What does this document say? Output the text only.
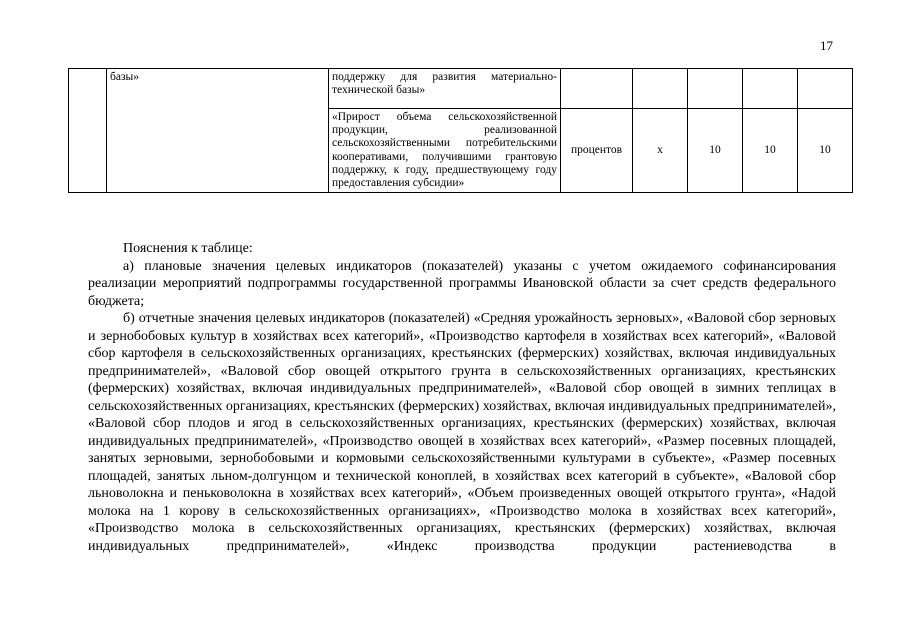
17
	базы»	поддержку для развития материально-технической базы»					
		«Прирост объема сельскохозяйственной продукции, реализованной сельскохозяйственными потребительскими кооперативами, получившими грантовую поддержку, к году, предшествующему году предоставления субсидии»	процентов	х	10	10	10

Пояснения к таблице:

а) плановые значения целевых индикаторов (показателей) указаны с учетом ожидаемого софинансирования реализации мероприятий подпрограммы государственной программы Ивановской области за счет средств федерального бюджета;

б) отчетные значения целевых индикаторов (показателей) «Средняя урожайность зерновых», «Валовой сбор зерновых и зернобобовых культур в хозяйствах всех категорий», «Производство картофеля в хозяйствах всех категорий», «Валовой сбор картофеля в сельскохозяйственных организациях, крестьянских (фермерских) хозяйствах, включая индивидуальных предпринимателей», «Валовой сбор овощей открытого грунта в сельскохозяйственных организациях, крестьянских (фермерских) хозяйствах, включая индивидуальных предпринимателей», «Валовой сбор овощей в зимних теплицах в сельскохозяйственных организациях, крестьянских (фермерских) хозяйствах, включая индивидуальных предпринимателей», «Валовой сбор плодов и ягод в сельскохозяйственных организациях, крестьянских (фермерских) хозяйствах, включая индивидуальных предпринимателей», «Производство овощей в хозяйствах всех категорий», «Размер посевных площадей, занятых зерновыми, зернобобовыми и кормовыми сельскохозяйственными культурами в субъекте», «Размер посевных площадей, занятых льном-долгунцом и технической коноплей, в хозяйствах всех категорий в субъекте», «Валовой сбор льноволокна и пеньковолокна в хозяйствах всех категорий», «Объем произведенных овощей открытого грунта», «Надой молока на 1 корову в сельскохозяйственных организациях», «Производство молока в хозяйствах всех категорий», «Производство молока в сельскохозяйственных организациях, крестьянских (фермерских) хозяйствах, включая индивидуальных предпринимателей», «Индекс производства продукции растениеводства в
